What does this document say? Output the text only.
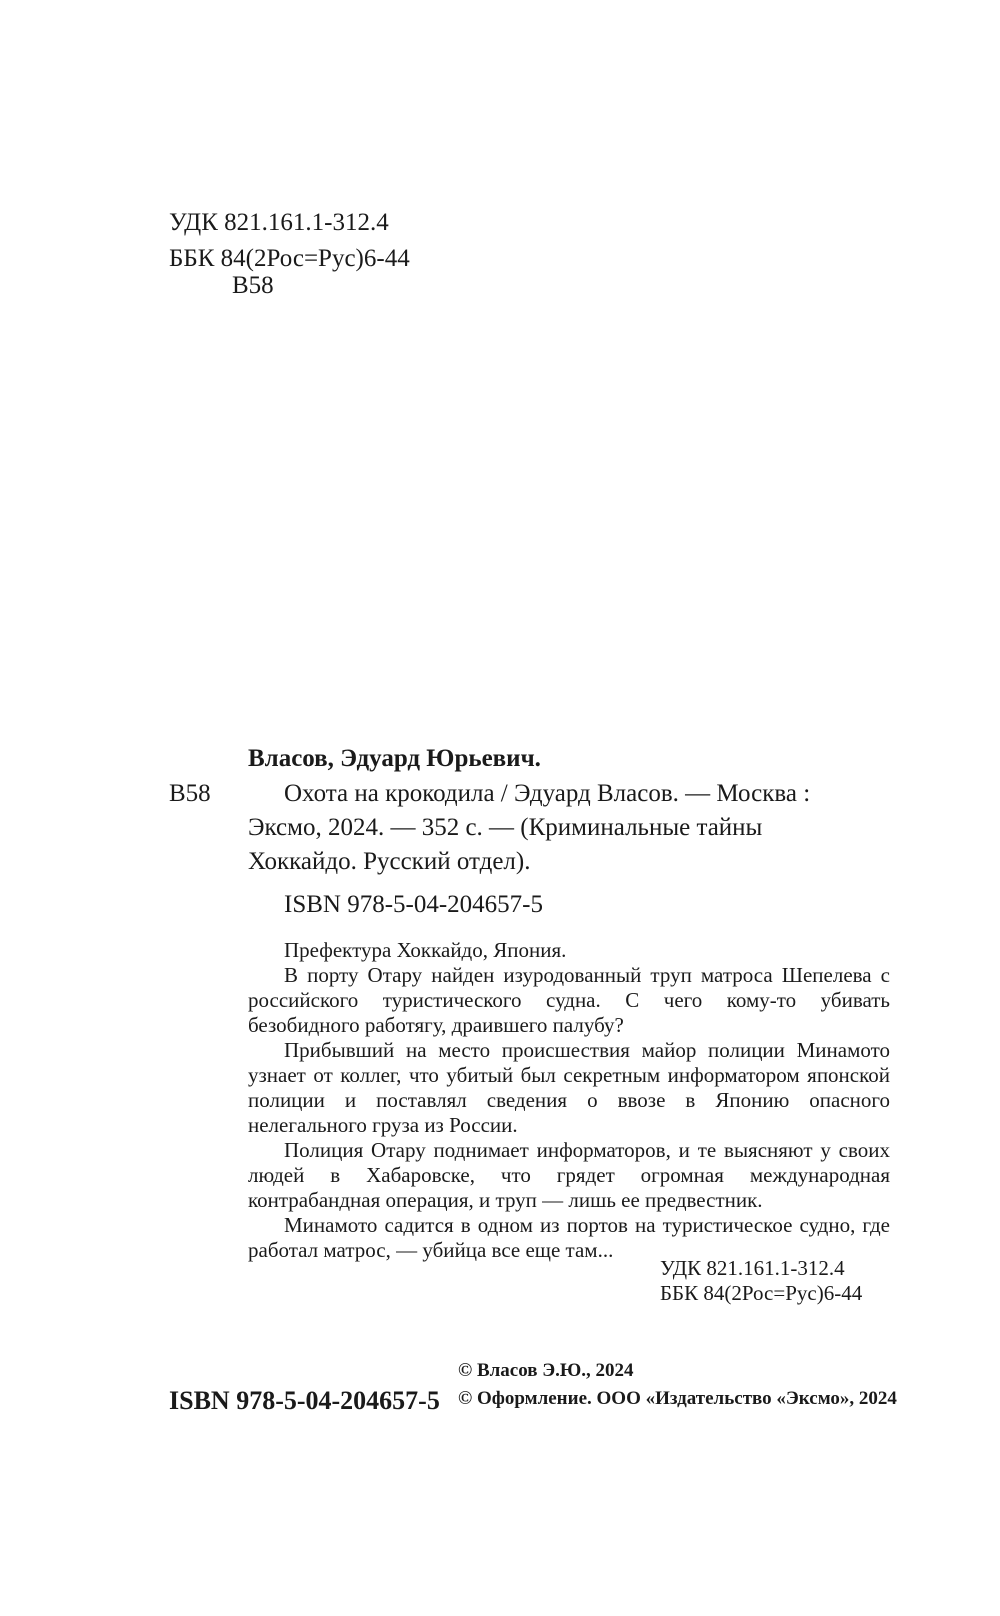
УДК 821.161.1-312.4
ББК 84(2Рос=Рус)6-44
В58
Власов, Эдуард Юрьевич.
В58	Охота на крокодила / Эдуард Власов. — Москва :
Эксмо, 2024. — 352 с. — (Криминальные тайны
Хоккайдо. Русский отдел).
ISBN 978-5-04-204657-5

Префектура Хоккайдо, Япония.

В порту Отару найден изуродованный труп матроса Шепелева с российского туристического судна. С чего кому-то убивать безобидного работягу, драившего палубу?

Прибывший на место происшествия майор полиции Минамото узнает от коллег, что убитый был секретным информатором японской полиции и поставлял сведения о ввозе в Японию опасного нелегального груза из России.

Полиция Отару поднимает информаторов, и те выясняют у своих людей в Хабаровске, что грядет огромная международная контрабандная операция, и труп — лишь ее предвестник.

Минамото садится в одном из портов на туристическое судно, где работал матрос, — убийца все еще там...

УДК 821.161.1-312.4
ББК 84(2Рос=Рус)6-44
© Власов Э.Ю., 2024
ISBN 978-5-04-204657-5 © Оформление. ООО «Издательство «Эксмо», 2024
